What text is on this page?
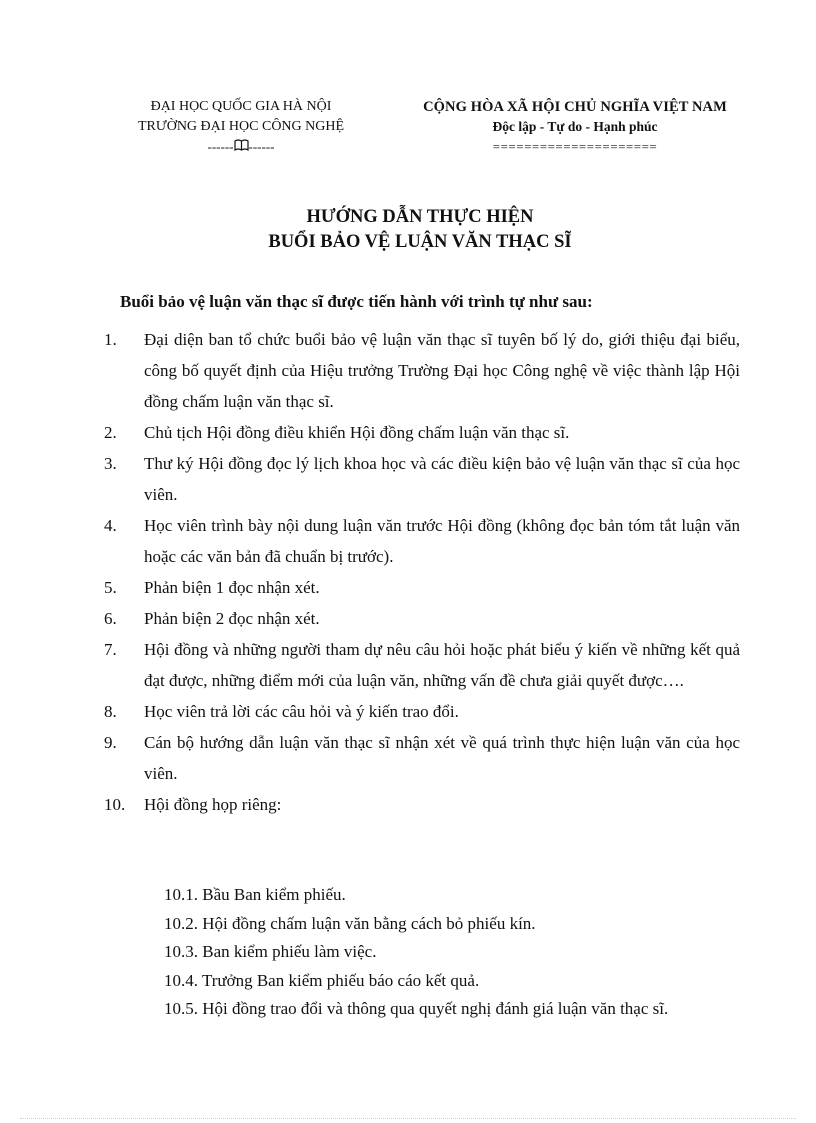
ĐẠI HỌC QUỐC GIA HÀ NỘI
TRƯỜNG ĐẠI HỌC CÔNG NGHỆ
------ ------
CỘNG HÒA XÃ HỘI CHỦ NGHĨA VIỆT NAM
Độc lập - Tự do - Hạnh phúc
=====================
HƯỚNG DẪN THỰC HIỆN
BUỔI BẢO VỆ LUẬN VĂN THẠC SĨ
Buổi bảo vệ luận văn thạc sĩ được tiến hành với trình tự như sau:
1.	Đại diện ban tổ chức buổi bảo vệ luận văn thạc sĩ tuyên bố lý do, giới thiệu đại biểu, công bố quyết định của Hiệu trưởng Trường Đại học Công nghệ về việc thành lập Hội đồng chấm luận văn thạc sĩ.
2.	Chủ tịch Hội đồng điều khiển Hội đồng chấm luận văn thạc sĩ.
3.	Thư ký Hội đồng đọc lý lịch khoa học và các điều kiện bảo vệ luận văn thạc sĩ của học viên.
4.	Học viên trình bày nội dung luận văn trước Hội đồng (không đọc bản tóm tắt luận văn hoặc các văn bản đã chuẩn bị trước).
5.	Phản biện 1 đọc nhận xét.
6.	Phản biện 2 đọc nhận xét.
7.	Hội đồng và những người tham dự nêu câu hỏi hoặc phát biểu ý kiến về những kết quả đạt được, những điểm mới của luận văn, những vấn đề chưa giải quyết được….
8.	Học viên trả lời các câu hỏi và ý kiến trao đổi.
9.	Cán bộ hướng dẫn luận văn thạc sĩ nhận xét về quá trình thực hiện luận văn của học viên.
10.	Hội đồng họp riêng:
10.1. Bầu Ban kiểm phiếu.
10.2. Hội đồng chấm luận văn bằng cách bỏ phiếu kín.
10.3. Ban kiểm phiếu làm việc.
10.4. Trưởng Ban kiểm phiếu báo cáo kết quả.
10.5. Hội đồng trao đổi và thông qua quyết nghị đánh giá luận văn thạc sĩ.
